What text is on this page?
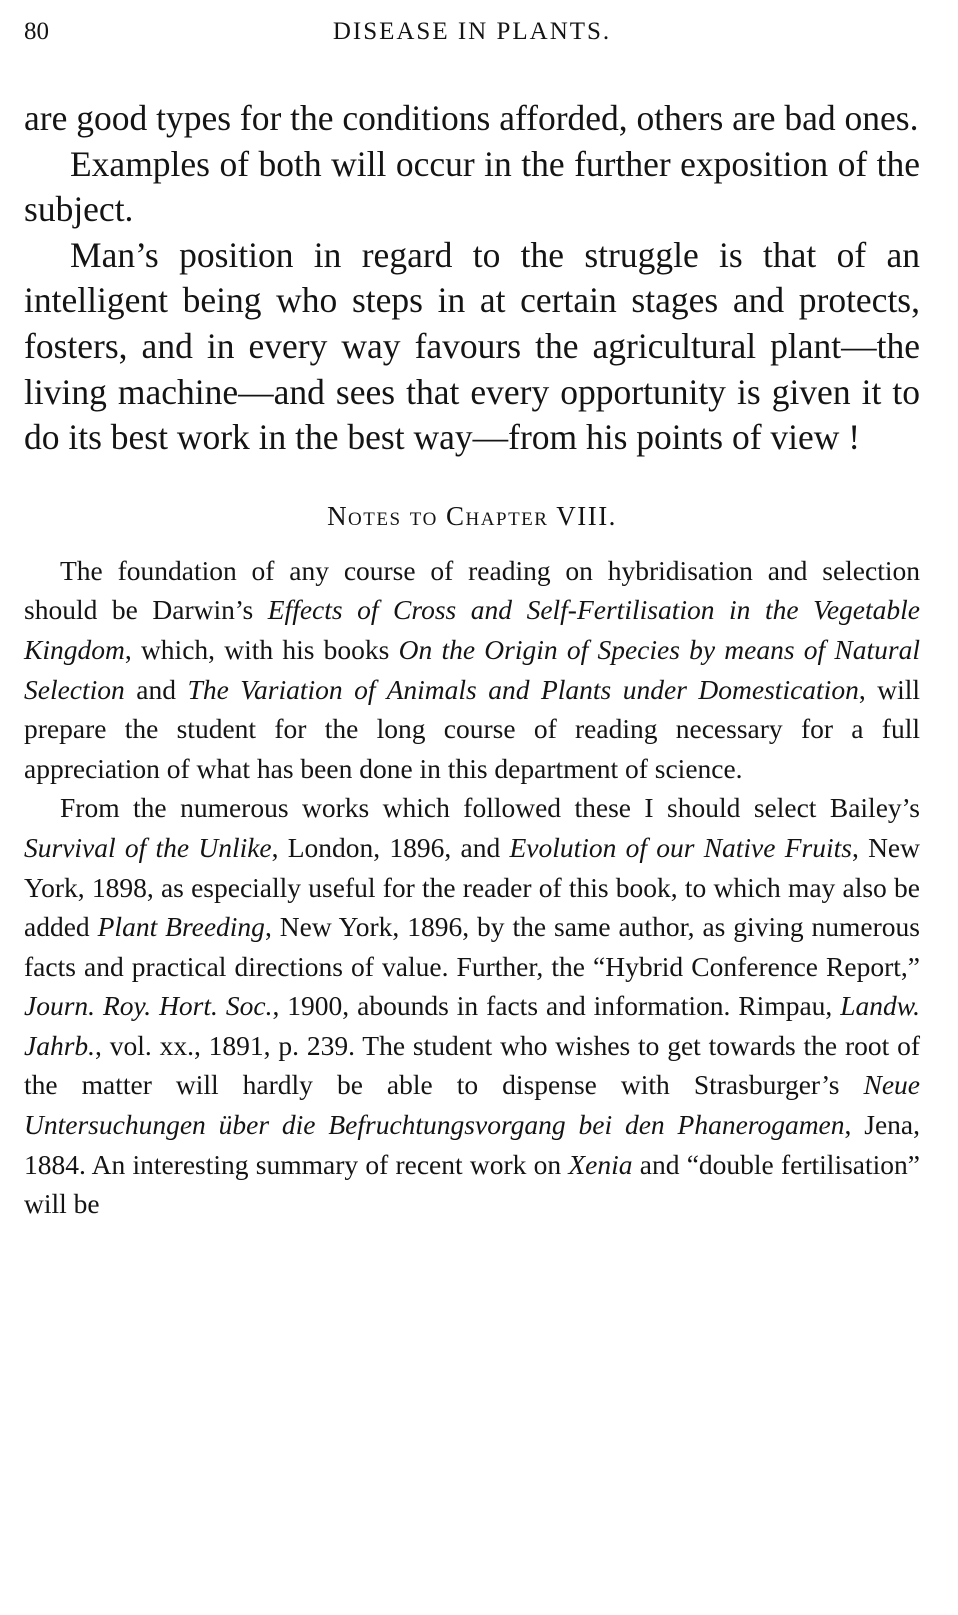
80	DISEASE IN PLANTS.

are good types for the conditions afforded, others are bad ones.

Examples of both will occur in the further exposition of the subject.

Man’s position in regard to the struggle is that of an intelligent being who steps in at certain stages and protects, fosters, and in every way favours the agricultural plant—the living machine—and sees that every opportunity is given it to do its best work in the best way—from his points of view !

Notes to Chapter VIII.

The foundation of any course of reading on hybridisation and selection should be Darwin’s Effects of Cross and Self-Fertilisation in the Vegetable Kingdom, which, with his books On the Origin of Species by means of Natural Selection and The Variation of Animals and Plants under Domestication, will prepare the student for the long course of reading necessary for a full appreciation of what has been done in this department of science.

From the numerous works which followed these I should select Bailey’s Survival of the Unlike, London, 1896, and Evolution of our Native Fruits, New York, 1898, as especially useful for the reader of this book, to which may also be added Plant Breeding, New York, 1896, by the same author, as giving numerous facts and practical directions of value. Further, the “Hybrid Conference Report,” Journ. Roy. Hort. Soc., 1900, abounds in facts and information. Rimpau, Landw. Jahrb., vol. xx., 1891, p. 239. The student who wishes to get towards the root of the matter will hardly be able to dispense with Strasburger’s Neue Untersuchungen über die Befruchtungsvorgang bei den Phanerogamen, Jena, 1884. An interesting summary of recent work on Xenia and “double fertilisation” will be
